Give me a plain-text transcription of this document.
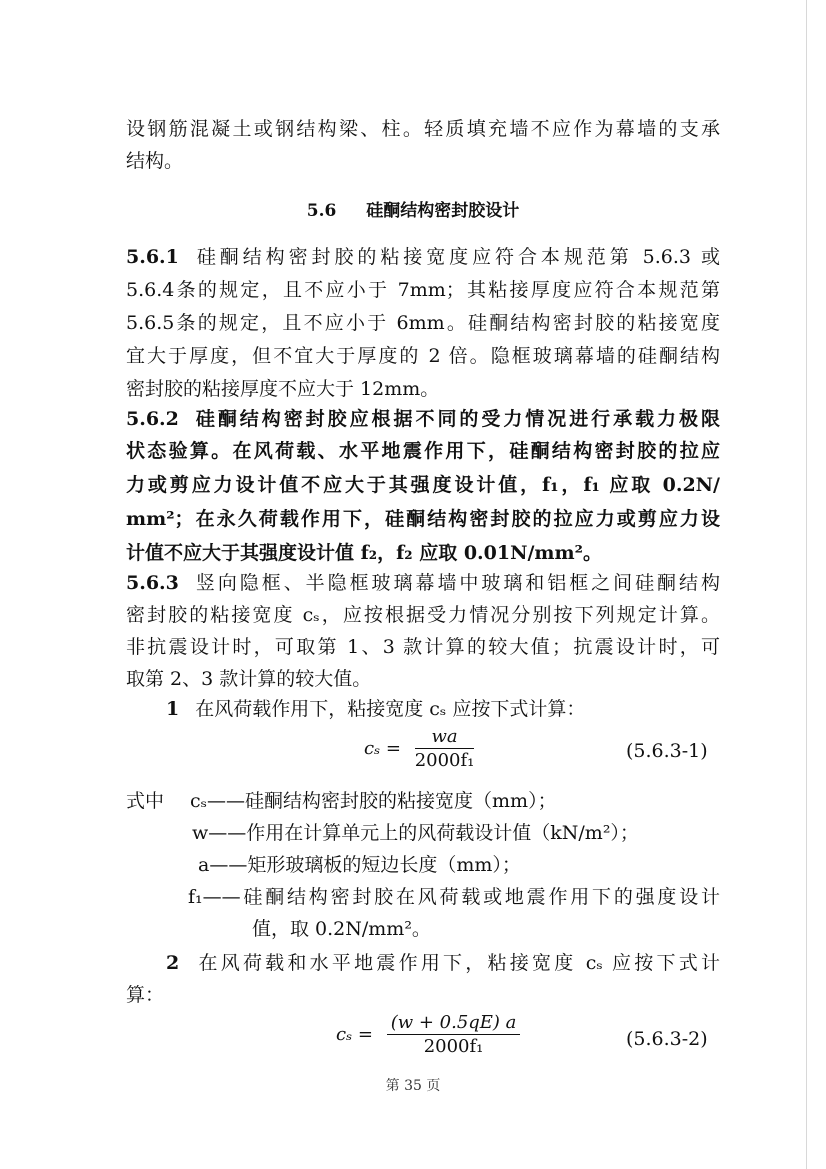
设钢筋混凝土或钢结构梁、柱。轻质填充墙不应作为幕墙的支承
结构。
5.6 硅酮结构密封胶设计
5.6.1 硅酮结构密封胶的粘接宽度应符合本规范第 5.6.3 或
5.6.4条的规定，且不应小于 7mm；其粘接厚度应符合本规范第
5.6.5条的规定，且不应小于 6mm。硅酮结构密封胶的粘接宽度
宜大于厚度，但不宜大于厚度的 2 倍。隐框玻璃幕墙的硅酮结构
密封胶的粘接厚度不应大于 12mm。
5.6.2 硅酮结构密封胶应根据不同的受力情况进行承载力极限
状态验算。在风荷载、水平地震作用下，硅酮结构密封胶的拉应
力或剪应力设计值不应大于其强度设计值，f₁，f₁ 应取 0.2N/
mm²；在永久荷载作用下，硅酮结构密封胶的拉应力或剪应力设
计值不应大于其强度设计值 f₂，f₂ 应取 0.01N/mm²。
5.6.3 竖向隐框、半隐框玻璃幕墙中玻璃和铝框之间硅酮结构
密封胶的粘接宽度 cₛ，应按根据受力情况分别按下列规定计算。
非抗震设计时，可取第 1、3 款计算的较大值；抗震设计时，可
取第 2、3 款计算的较大值。
1 在风荷载作用下，粘接宽度 cₛ 应按下式计算：
$c_s = \frac{wa}{\text{2000f₁}}$	(5.6.3-1)
式中	cₛ——硅酮结构密封胶的粘接宽度（mm）；
w——作用在计算单元上的风荷载设计值（kN/m²）；
a——矩形玻璃板的短边长度（mm）；
f₁——硅酮结构密封胶在风荷载或地震作用下的强度设计
值，取 0.2N/mm²。
2 在风荷载和水平地震作用下，粘接宽度 cₛ 应按下式计
算：
$c_s = \frac{(w + 0.5qE) a}{\text{2000f₁}}$	(5.6.3-2)
第 35 页
